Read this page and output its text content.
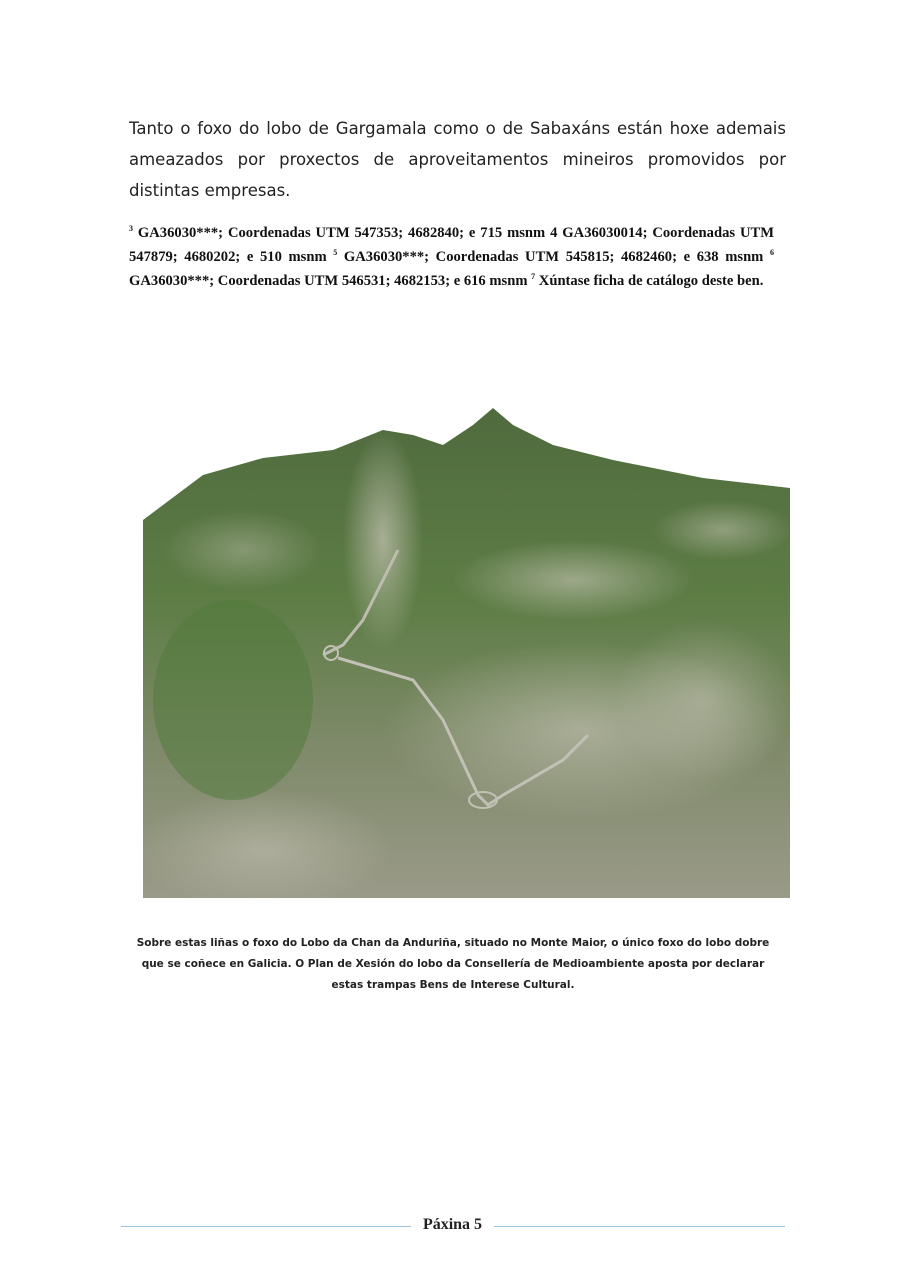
Tanto o foxo do lobo de Gargamala como o de Sabaxáns están hoxe ademais ameazados por proxectos de aproveitamentos mineiros promovidos por distintas empresas.

$^3$ GA36030***; Coordenadas UTM 547353; 4682840; e 715 msnm 4 GA36030014; Coordenadas UTM 547879; 4680202; e 510 msnm $^5$ GA36030***; Coordenadas UTM 545815; 4682460; e 638 msnm $^6$ GA36030***; Coordenadas UTM 546531; 4682153; e 616 msnm $^7$ Xúntase ficha de catálogo deste ben.
Sobre estas liñas o foxo do Lobo da Chan da Anduriña, situado no Monte Maior, o único foxo do lobo dobre que se coñece en Galicia. O Plan de Xesión do lobo da Consellería de Medioambiente aposta por declarar estas trampas Bens de Interese Cultural.
Páxina 5
